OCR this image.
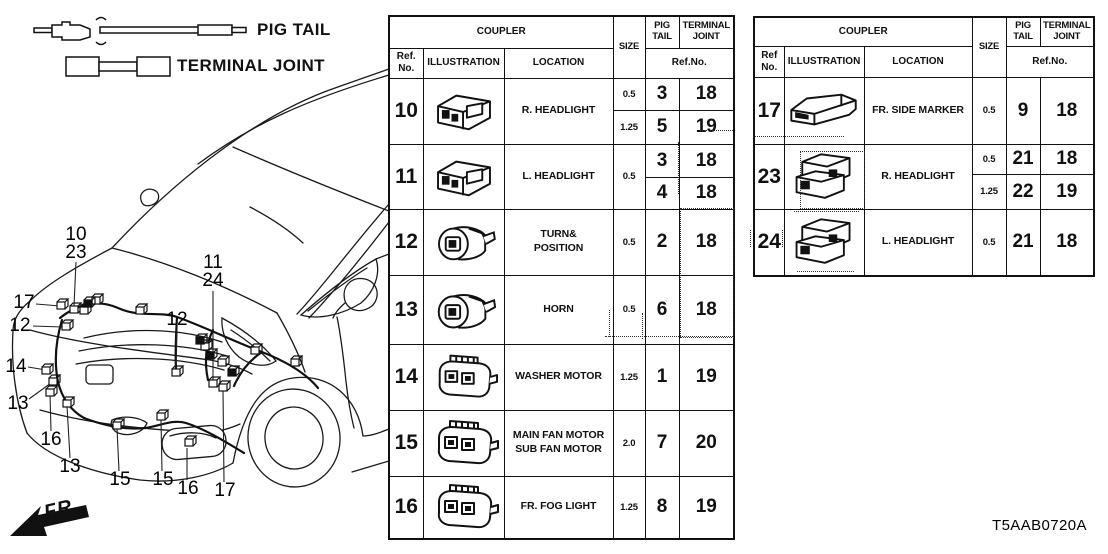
PIG TAIL
TERMINAL JOINT
10
23	11
24
17
12	12
14
13
16
13
15 15 16 17
FR.
COUPLER			SIZE	PIG TAIL	TERMINAL JOINT
Ref. No.	ILLUSTRATION	LOCATION		Ref.No.	
10		R. HEADLIGHT	0.5	3	18
			1.25	5	19
11		L. HEADLIGHT	0.5	3	18
				4	18
12		TURN&
POSITION	0.5	2	18
13		HORN	0.5	6	18
14		WASHER MOTOR	1.25	1	19
15		MAIN FAN MOTOR
SUB FAN MOTOR	2.0	7	20
16		FR. FOG LIGHT	1.25	8	19
COUPLER			SIZE	PIG TAIL	TERMINAL JOINT
Ref No.	ILLUSTRATION	LOCATION		Ref.No.	
17		FR. SIDE MARKER	0.5	9	18
23		R. HEADLIGHT	0.5	21	18
			1.25	22	19
24		L. HEADLIGHT	0.5	21	18
T5AAB0720A
